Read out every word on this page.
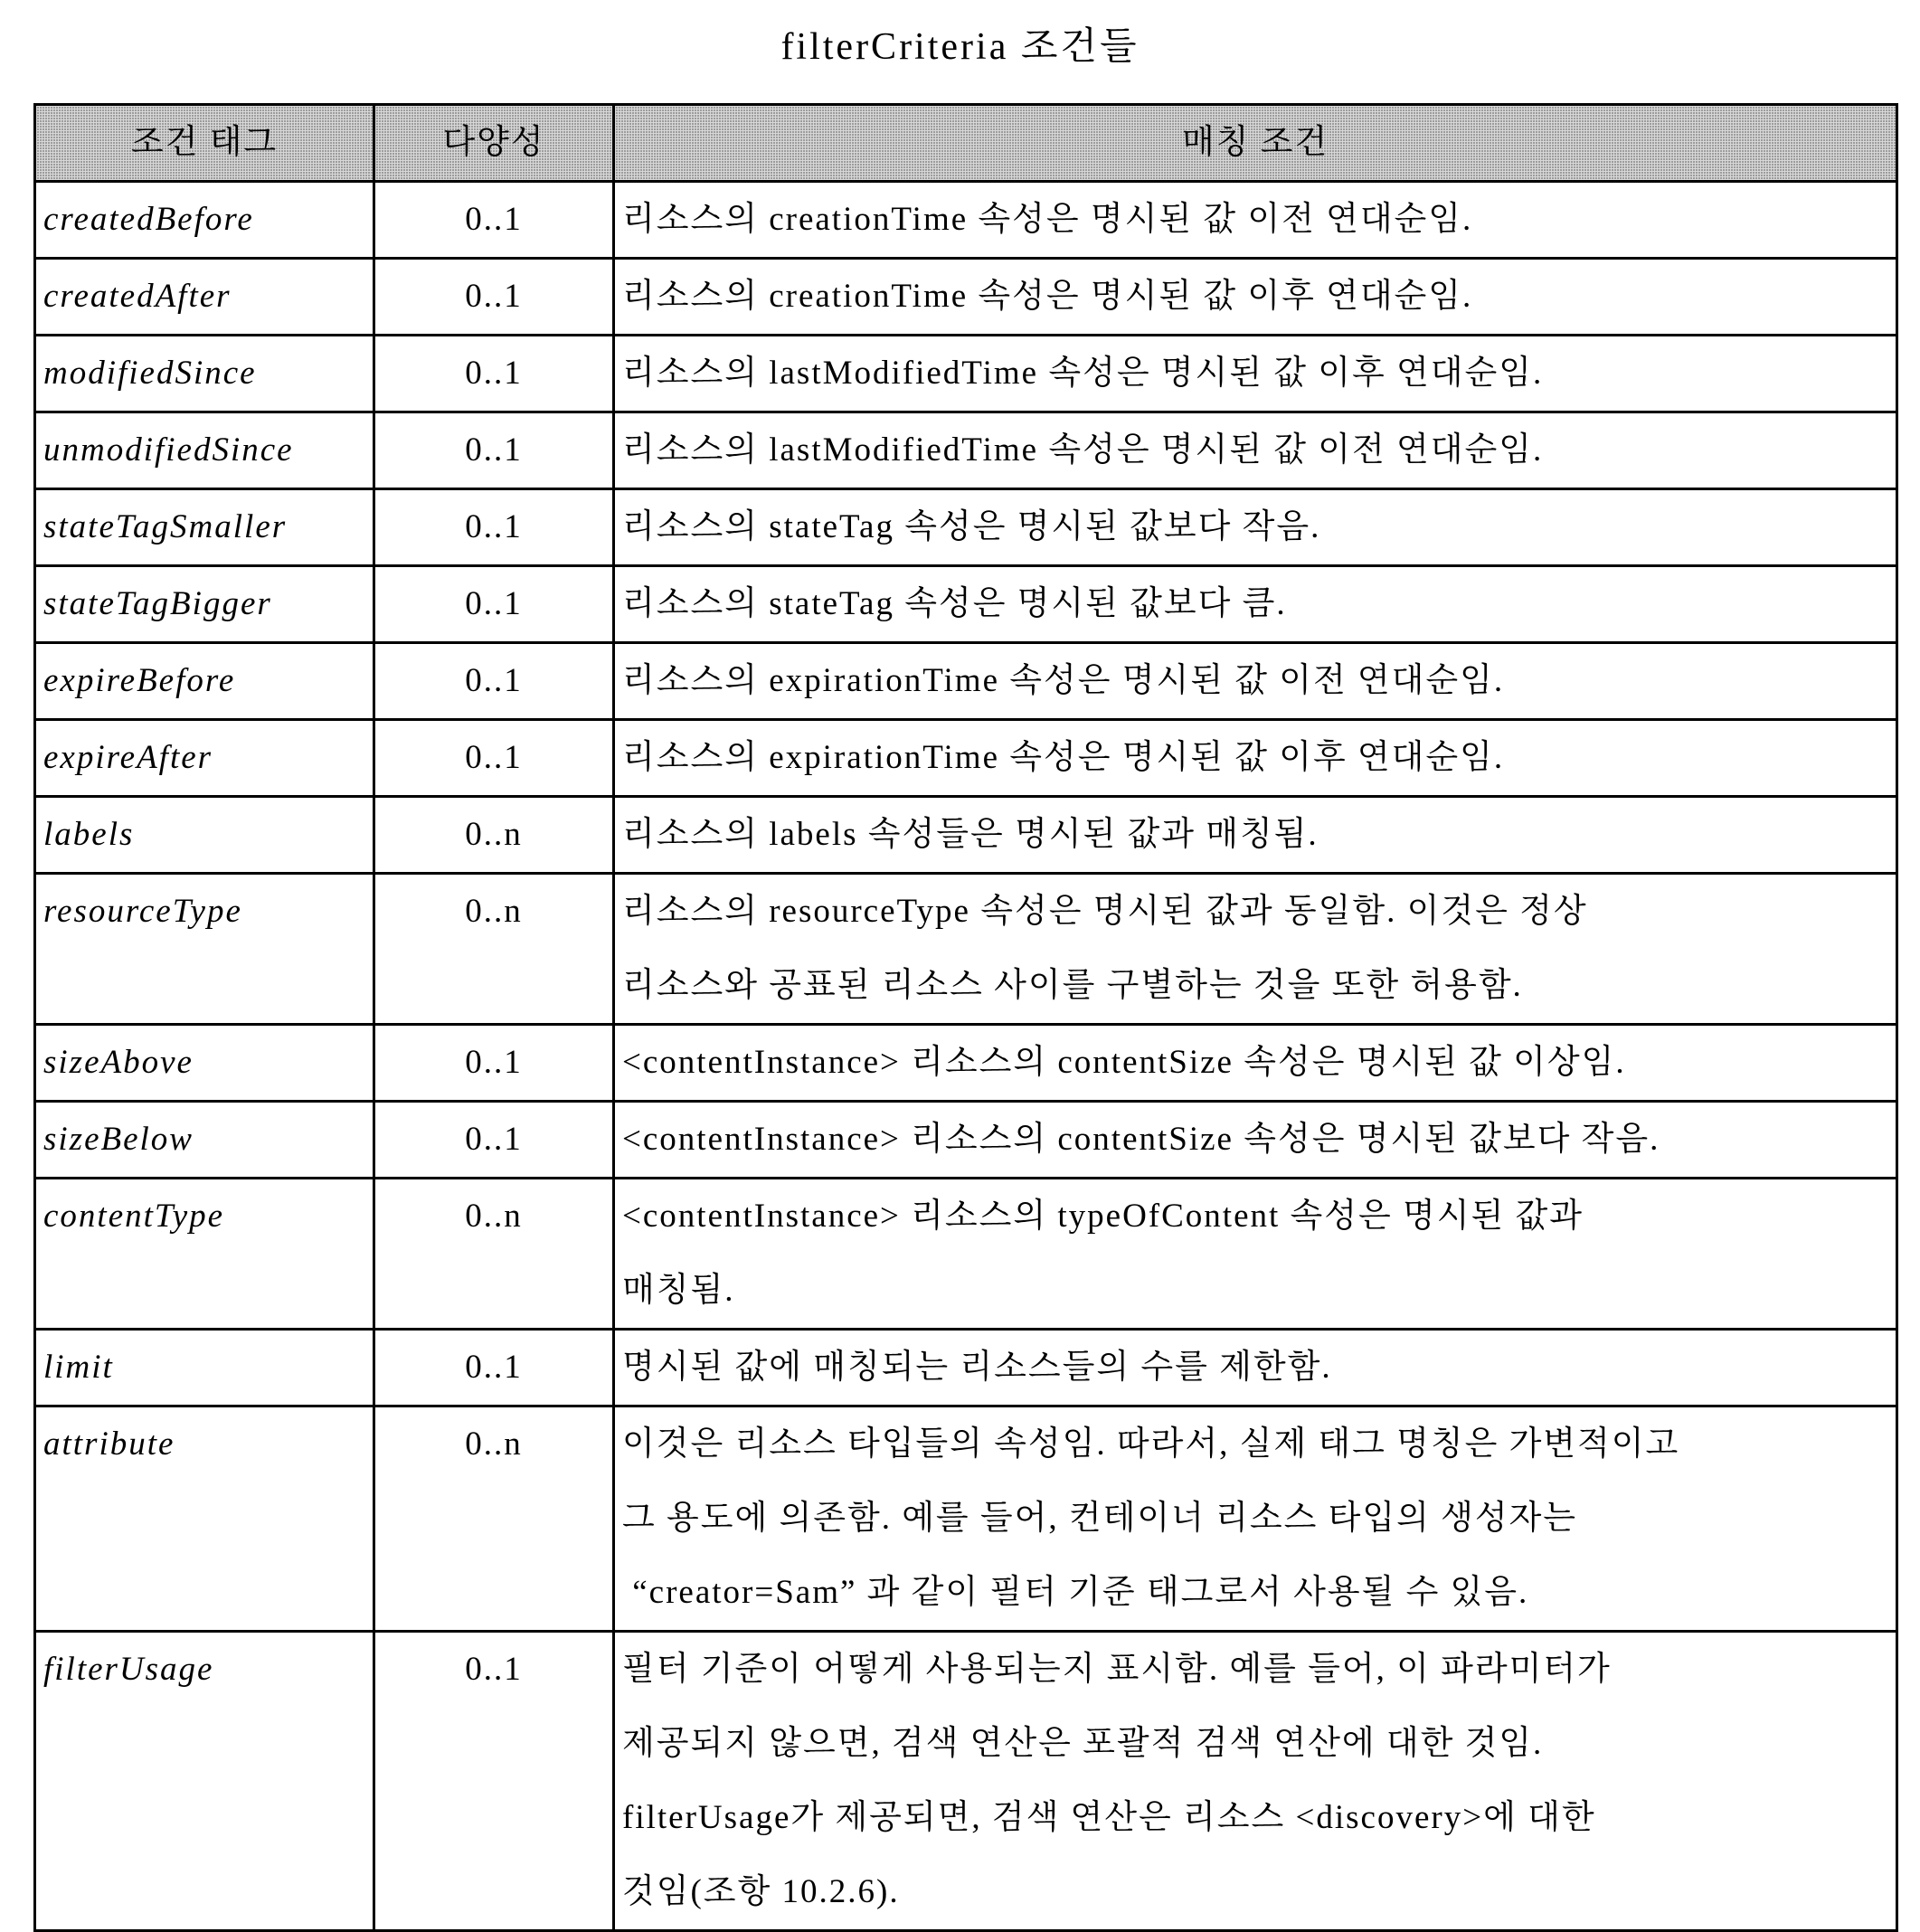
filterCriteria 조건들
조건 태그	다양성	매칭 조건
createdBefore	0..1	리소스의 creationTime 속성은 명시된 값 이전 연대순임.

createdAfter	0..1	리소스의 creationTime 속성은 명시된 값 이후 연대순임.

modifiedSince	0..1	리소스의 lastModifiedTime 속성은 명시된 값 이후 연대순임.

unmodifiedSince	0..1	리소스의 lastModifiedTime 속성은 명시된 값 이전 연대순임.

stateTagSmaller	0..1	리소스의 stateTag 속성은 명시된 값보다 작음.

stateTagBigger	0..1	리소스의 stateTag 속성은 명시된 값보다 큼.

expireBefore	0..1	리소스의 expirationTime 속성은 명시된 값 이전 연대순임.

expireAfter	0..1	리소스의 expirationTime 속성은 명시된 값 이후 연대순임.

labels	0..n	리소스의 labels 속성들은 명시된 값과 매칭됨.

resourceType	0..n	리소스의 resourceType 속성은 명시된 값과 동일함. 이것은 정상
리소스와 공표된 리소스 사이를 구별하는 것을 또한 허용함.

sizeAbove	0..1	<contentInstance> 리소스의 contentSize 속성은 명시된 값 이상임.

sizeBelow	0..1	<contentInstance> 리소스의 contentSize 속성은 명시된 값보다 작음.

contentType	0..n	<contentInstance> 리소스의 typeOfContent 속성은 명시된 값과
매칭됨.

limit	0..1	명시된 값에 매칭되는 리소스들의 수를 제한함.

attribute	0..n	이것은 리소스 타입들의 속성임. 따라서, 실제 태그 명칭은 가변적이고
그 용도에 의존함. 예를 들어, 컨테이너 리소스 타입의 생성자는
“creator=Sam” 과 같이 필터 기준 태그로서 사용될 수 있음.

filterUsage	0..1	필터 기준이 어떻게 사용되는지 표시함. 예를 들어, 이 파라미터가
제공되지 않으면, 검색 연산은 포괄적 검색 연산에 대한 것임.
filterUsage가 제공되면, 검색 연산은 리소스 <discovery>에 대한
것임(조항 10.2.6).
